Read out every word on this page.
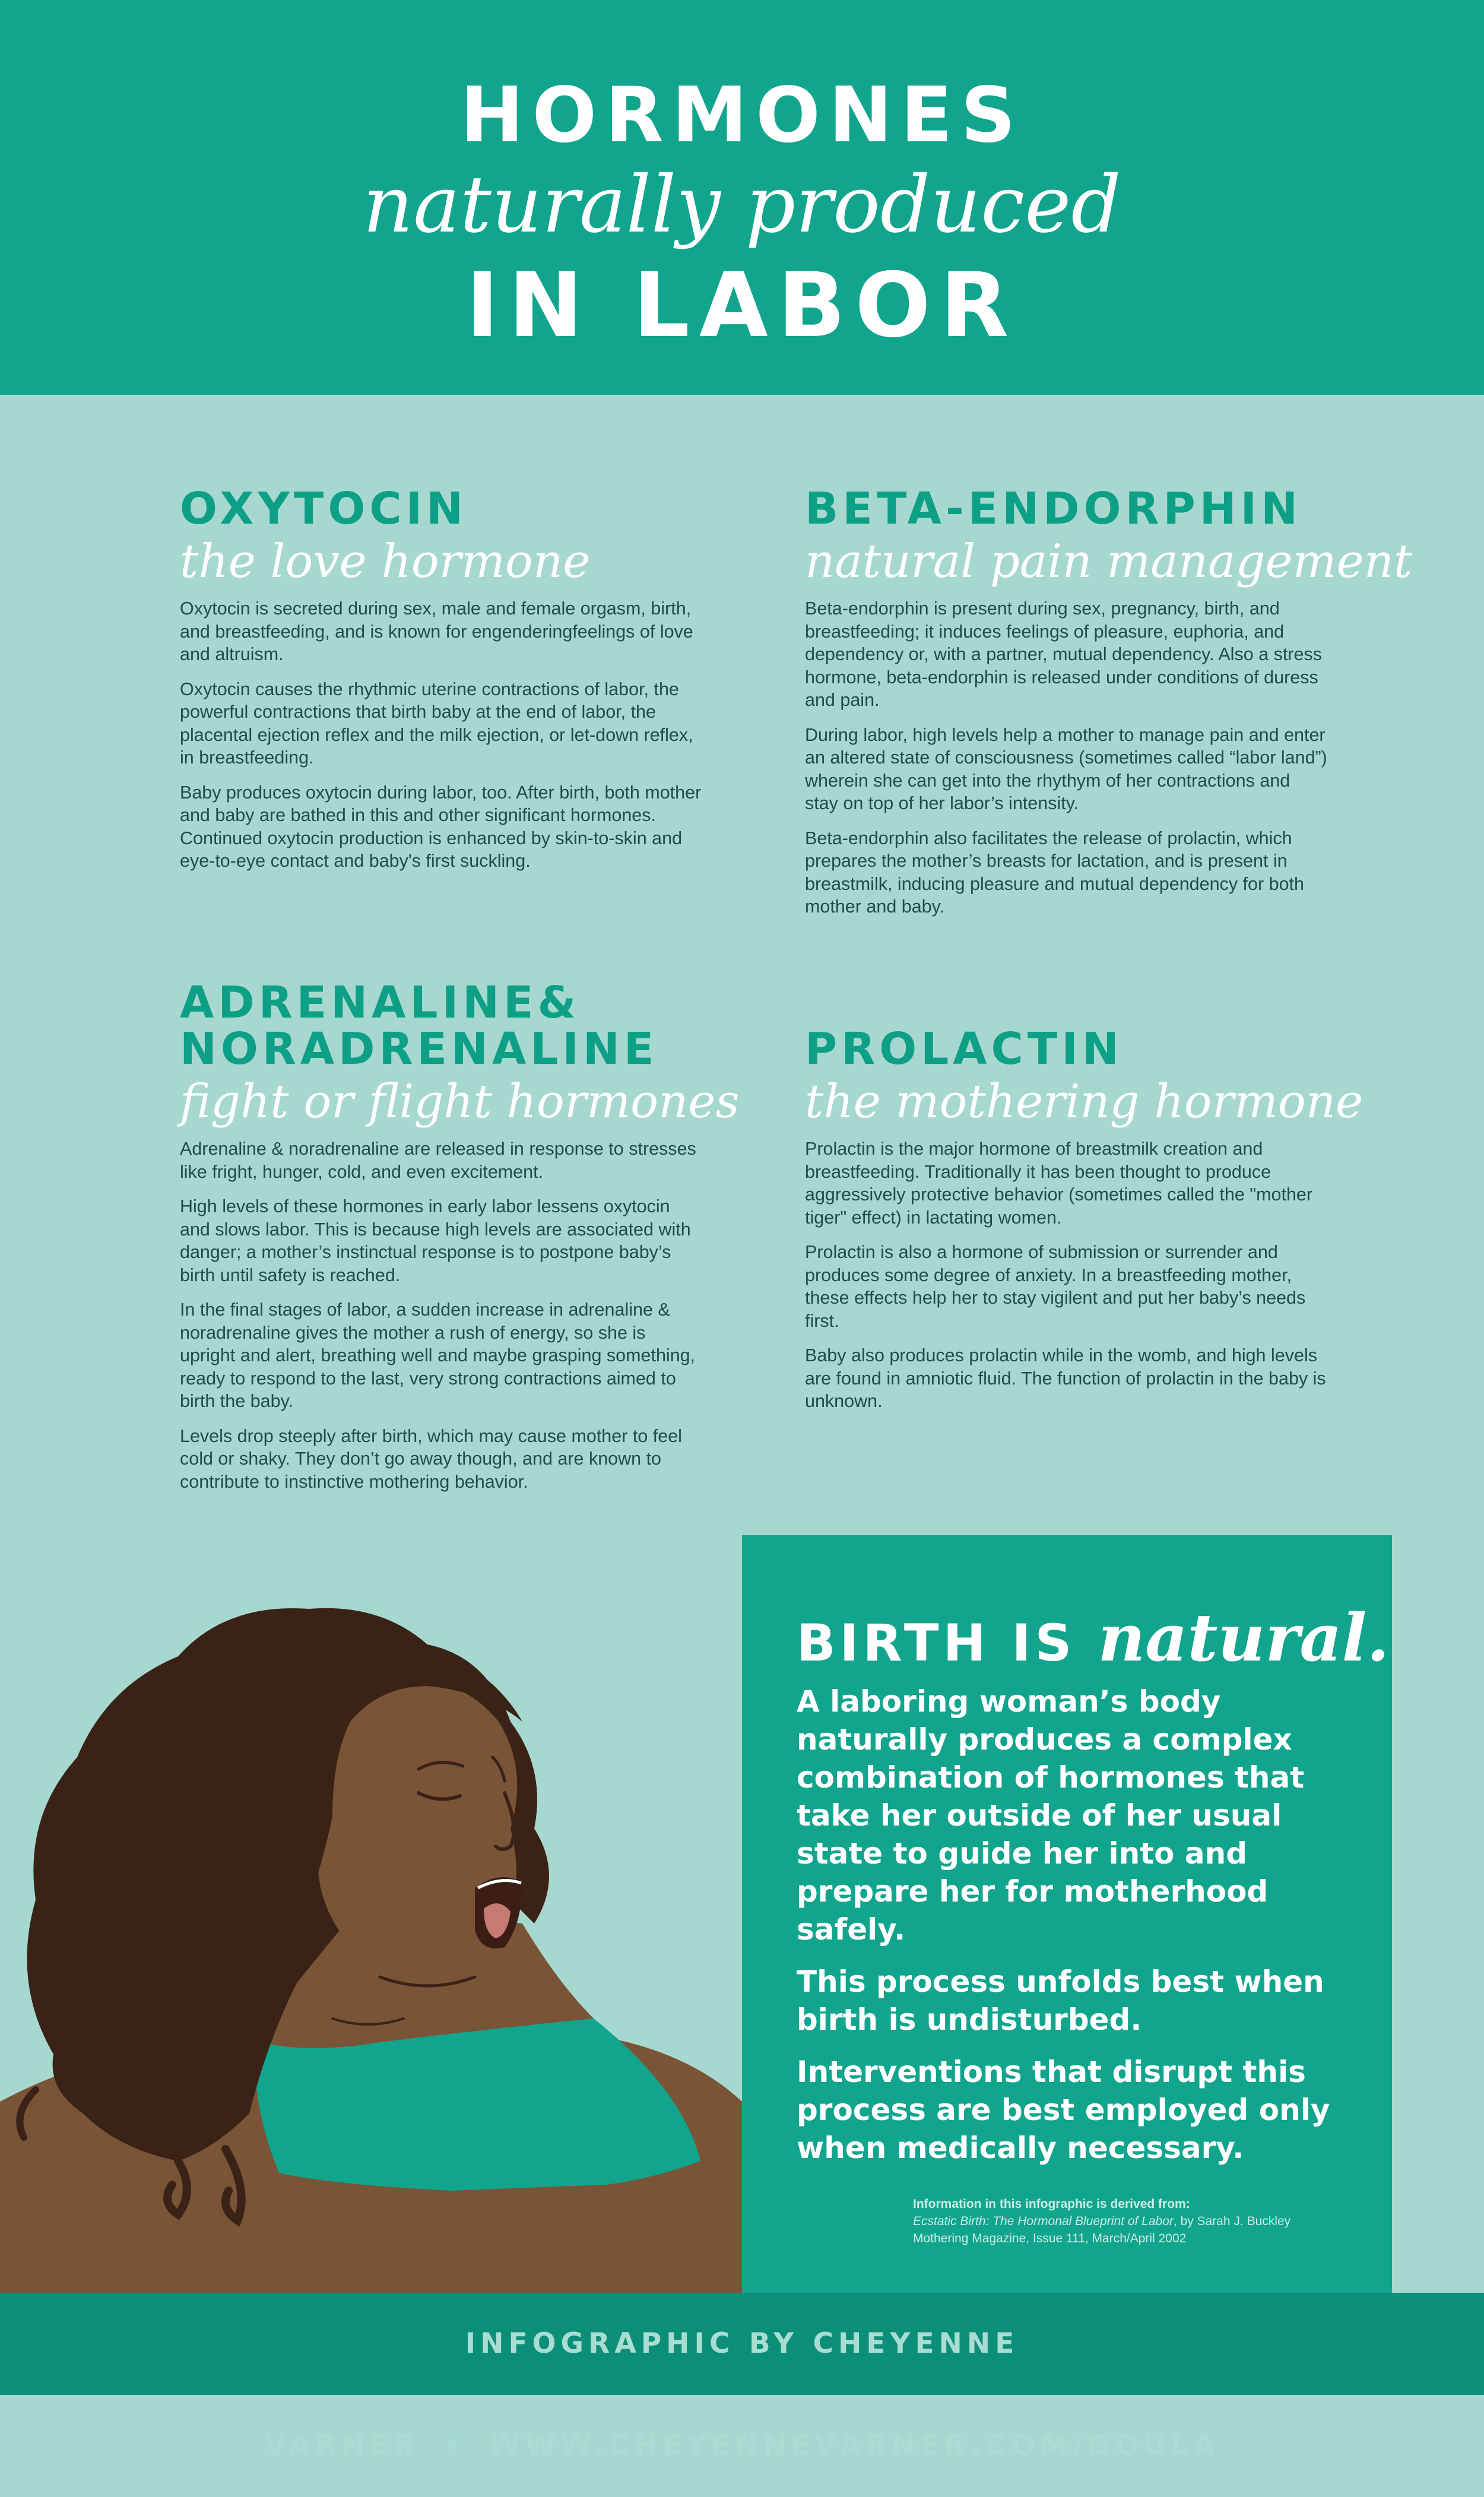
HORMONES
naturally produced
IN LABOR
OXYTOCIN
the love hormone

Oxytocin is secreted during sex, male and female orgasm, birth, and breastfeeding, and is known for engenderingfeelings of love and altruism.

Oxytocin causes the rhythmic uterine contractions of labor, the powerful contractions that birth baby at the end of labor, the placental ejection reflex and the milk ejection, or let-down reflex, in breastfeeding.

Baby produces oxytocin during labor, too. After birth, both mother and baby are bathed in this and other significant hormones. Continued oxytocin production is enhanced by skin-to-skin and eye-to-eye contact and baby's first suckling.

BETA-ENDORPHIN
natural pain management

Beta-endorphin is present during sex, pregnancy, birth, and breastfeeding; it induces feelings of pleasure, euphoria, and dependency or, with a partner, mutual dependency. Also a stress hormone, beta-endorphin is released under conditions of duress and pain.

During labor, high levels help a mother to manage pain and enter an altered state of consciousness (sometimes called “labor land”) wherein she can get into the rhythym of her contractions and stay on top of her labor’s intensity.

Beta-endorphin also facilitates the release of prolactin, which prepares the mother’s breasts for lactation, and is present in breastmilk, inducing pleasure and mutual dependency for both mother and baby.

ADRENALINE&
NORADRENALINE
fight or flight hormones

Adrenaline & noradrenaline are released in response to stresses like fright, hunger, cold, and even excitement.

High levels of these hormones in early labor lessens oxytocin and slows labor. This is because high levels are associated with danger; a mother’s instinctual response is to postpone baby’s birth until safety is reached.

In the final stages of labor, a sudden increase in adrenaline & noradrenaline gives the mother a rush of energy, so she is upright and alert, breathing well and maybe grasping something, ready to respond to the last, very strong contractions aimed to birth the baby.

Levels drop steeply after birth, which may cause mother to feel cold or shaky. They don’t go away though, and are known to contribute to instinctive mothering behavior.

PROLACTIN
the mothering hormone

Prolactin is the major hormone of breastmilk creation and breastfeeding. Traditionally it has been thought to produce aggressively protective behavior (sometimes called the "mother tiger" effect) in lactating women.

Prolactin is also a hormone of submission or surrender and produces some degree of anxiety. In a breastfeeding mother, these effects help her to stay vigilent and put her baby’s needs first.

Baby also produces prolactin while in the womb, and high levels are found in amniotic fluid. The function of prolactin in the baby is unknown.

BIRTH IS natural.

A laboring woman’s body naturally produces a complex combination of hormones that take her outside of her usual state to guide her into and prepare her for motherhood safely.

This process unfolds best when birth is undisturbed.

Interventions that disrupt this process are best employed only when medically necessary.

Information in this infographic is derived from:
Ecstatic Birth: The Hormonal Blueprint of Labor, by Sarah J. Buckley
Mothering Magazine, Issue 111, March/April 2002
INFOGRAPHIC BY CHEYENNE VARNER • WWW.CHEYENNEVARNER.COM/DOULA
